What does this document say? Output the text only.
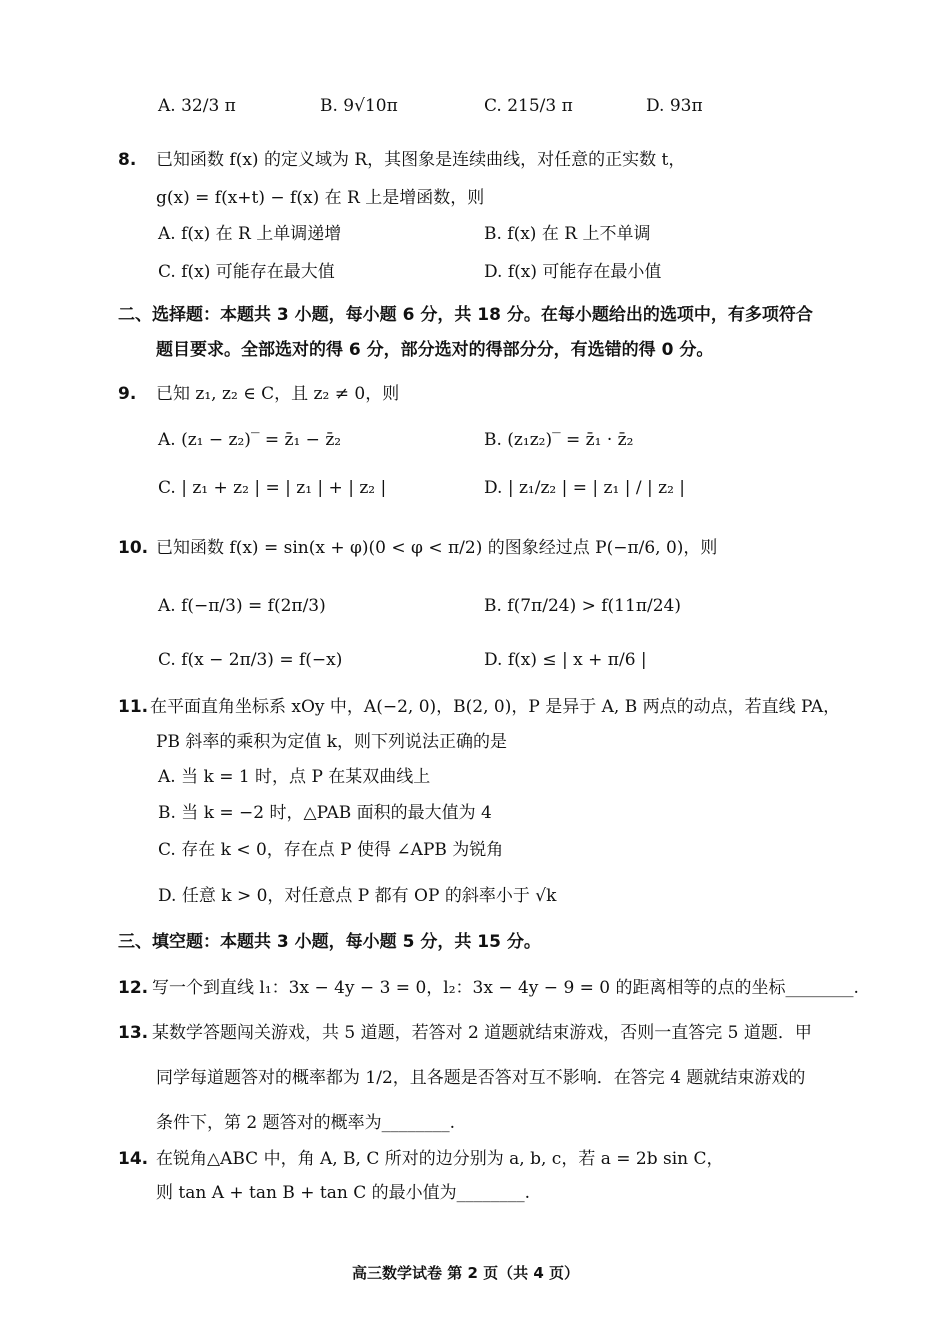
A. 32/3 π	B. 9√10π	C. 215/3 π	D. 93π
8. 已知函数 f(x) 的定义域为 R，其图象是连续曲线，对任意的正实数 t，
g(x) = f(x+t) − f(x) 在 R 上是增函数，则
A. f(x) 在 R 上单调递增	B. f(x) 在 R 上不单调
C. f(x) 可能存在最大值	D. f(x) 可能存在最小值
二、选择题：本题共 3 小题，每小题 6 分，共 18 分。在每小题给出的选项中，有多项符合
题目要求。全部选对的得 6 分，部分选对的得部分分，有选错的得 0 分。
9. 已知 z₁, z₂ ∈ C，且 z₂ ≠ 0，则
A. (z₁ − z₂)‾ = z̄₁ − z̄₂	B. (z₁z₂)‾ = z̄₁ · z̄₂
C. | z₁ + z₂ | = | z₁ | + | z₂ |	D. | z₁/z₂ | = | z₁ | / | z₂ |
10. 已知函数 f(x) = sin(x + φ)(0 < φ < π/2) 的图象经过点 P(−π/6, 0)，则
A. f(−π/3) = f(2π/3)	B. f(7π/24) > f(11π/24)
C. f(x − 2π/3) = f(−x)	D. f(x) ≤ | x + π/6 |
11. 在平面直角坐标系 xOy 中，A(−2, 0)，B(2, 0)，P 是异于 A, B 两点的动点，若直线 PA，
PB 斜率的乘积为定值 k，则下列说法正确的是
A. 当 k = 1 时，点 P 在某双曲线上
B. 当 k = −2 时，△PAB 面积的最大值为 4
C. 存在 k < 0，存在点 P 使得 ∠APB 为锐角
D. 任意 k > 0，对任意点 P 都有 OP 的斜率小于 √k
三、填空题：本题共 3 小题，每小题 5 分，共 15 分。
12. 写一个到直线 l₁：3x − 4y − 3 = 0，l₂：3x − 4y − 9 = 0 的距离相等的点的坐标________.
13. 某数学答题闯关游戏，共 5 道题，若答对 2 道题就结束游戏，否则一直答完 5 道题．甲
同学每道题答对的概率都为 1/2，且各题是否答对互不影响．在答完 4 题就结束游戏的
条件下，第 2 题答对的概率为________.
14. 在锐角△ABC 中，角 A, B, C 所对的边分别为 a, b, c，若 a = 2b sin C，
则 tan A + tan B + tan C 的最小值为________.
高三数学试卷 第 2 页（共 4 页）
